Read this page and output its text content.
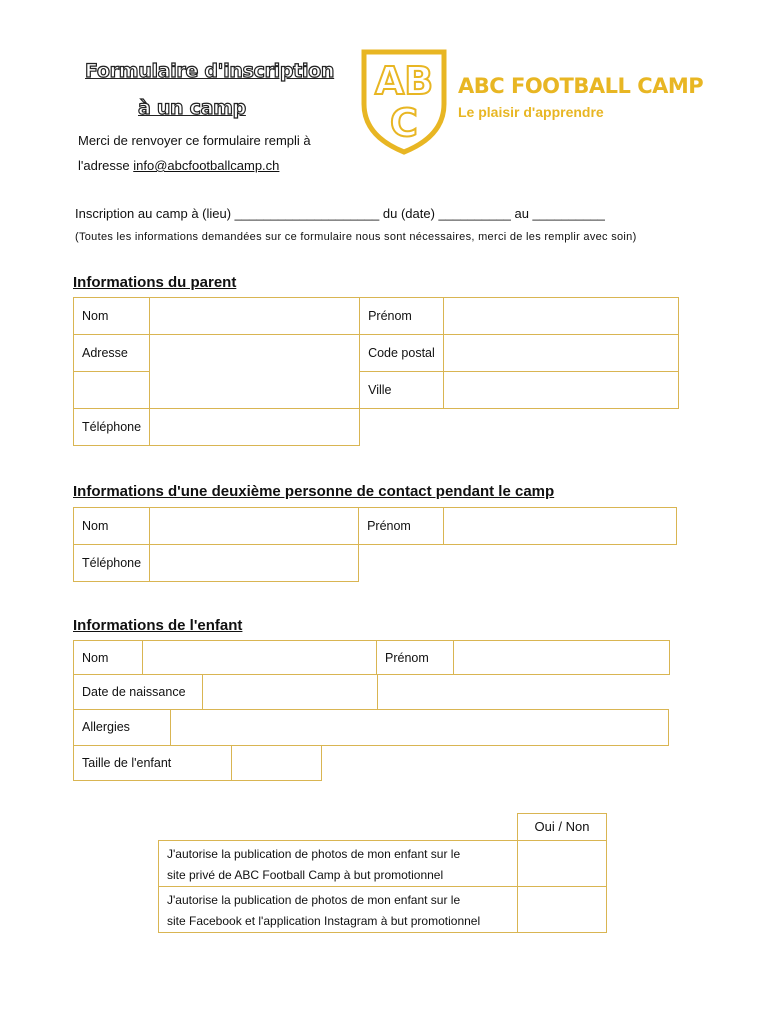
Formulaire d'inscription
à un camp
Merci de renvoyer ce formulaire rempli à
l'adresse info@abcfootballcamp.ch
AB
C
ABC FOOTBALL CAMP
Le plaisir d'apprendre
Inscription au camp à (lieu) ____________________ du (date) __________ au __________
(Toutes les informations demandées sur ce formulaire nous sont nécessaires, merci de les remplir avec soin)
Informations du parent
Nom		Prénom	
Adresse		Code postal	
		Ville	
Téléphone			
Informations d'une deuxième personne de contact pendant le camp
Nom		Prénom	
Téléphone			
Informations de l'enfant
Nom	Prénom
Date de naissance
Allergies
Taille de l'enfant
Oui / Non
J'autorise la publication de photos de mon enfant sur le
site privé de ABC Football Camp à but promotionnel
J'autorise la publication de photos de mon enfant sur le
site Facebook et l'application Instagram à but promotionnel
